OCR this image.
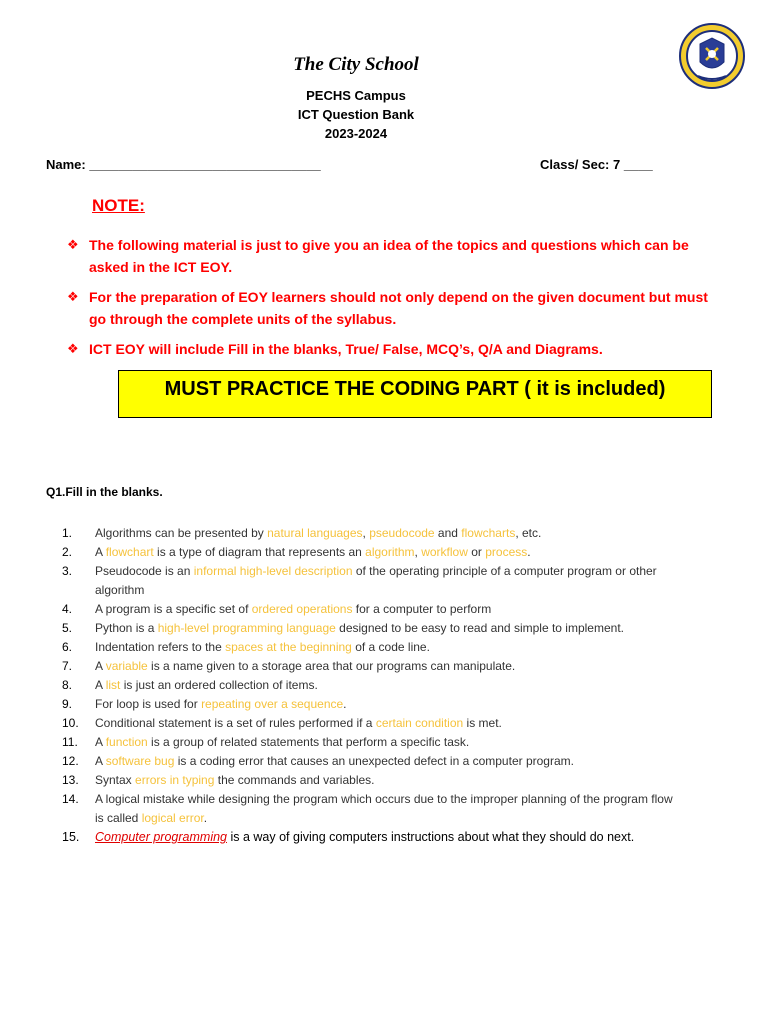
The City School
PECHS Campus
ICT Question Bank
2023-2024
Name: ________________________________	Class/ Sec: 7 ____
NOTE:
❖ The following material is just to give you an idea of the topics and questions which can be asked in the ICT EOY.
❖ For the preparation of EOY learners should not only depend on the given document but must go through the complete units of the syllabus.
❖ ICT EOY will include Fill in the blanks, True/ False, MCQ’s, Q/A and Diagrams.
MUST PRACTICE THE CODING PART ( it is included)
Q1.Fill in the blanks.
1. Algorithms can be presented by natural languages, pseudocode and flowcharts, etc.
2. A flowchart is a type of diagram that represents an algorithm, workflow or process.
3. Pseudocode is an informal high-level description of the operating principle of a computer program or other algorithm
4. A program is a specific set of ordered operations for a computer to perform
5. Python is a high-level programming language designed to be easy to read and simple to implement.
6. Indentation refers to the spaces at the beginning of a code line.
7. A variable is a name given to a storage area that our programs can manipulate.
8. A list is just an ordered collection of items.
9. For loop is used for repeating over a sequence.
10. Conditional statement is a set of rules performed if a certain condition is met.
11. A function is a group of related statements that perform a specific task.
12. A software bug is a coding error that causes an unexpected defect in a computer program.
13. Syntax errors in typing the commands and variables.
14. A logical mistake while designing the program which occurs due to the improper planning of the program flow is called logical error.
15. Computer programming is a way of giving computers instructions about what they should do next.
